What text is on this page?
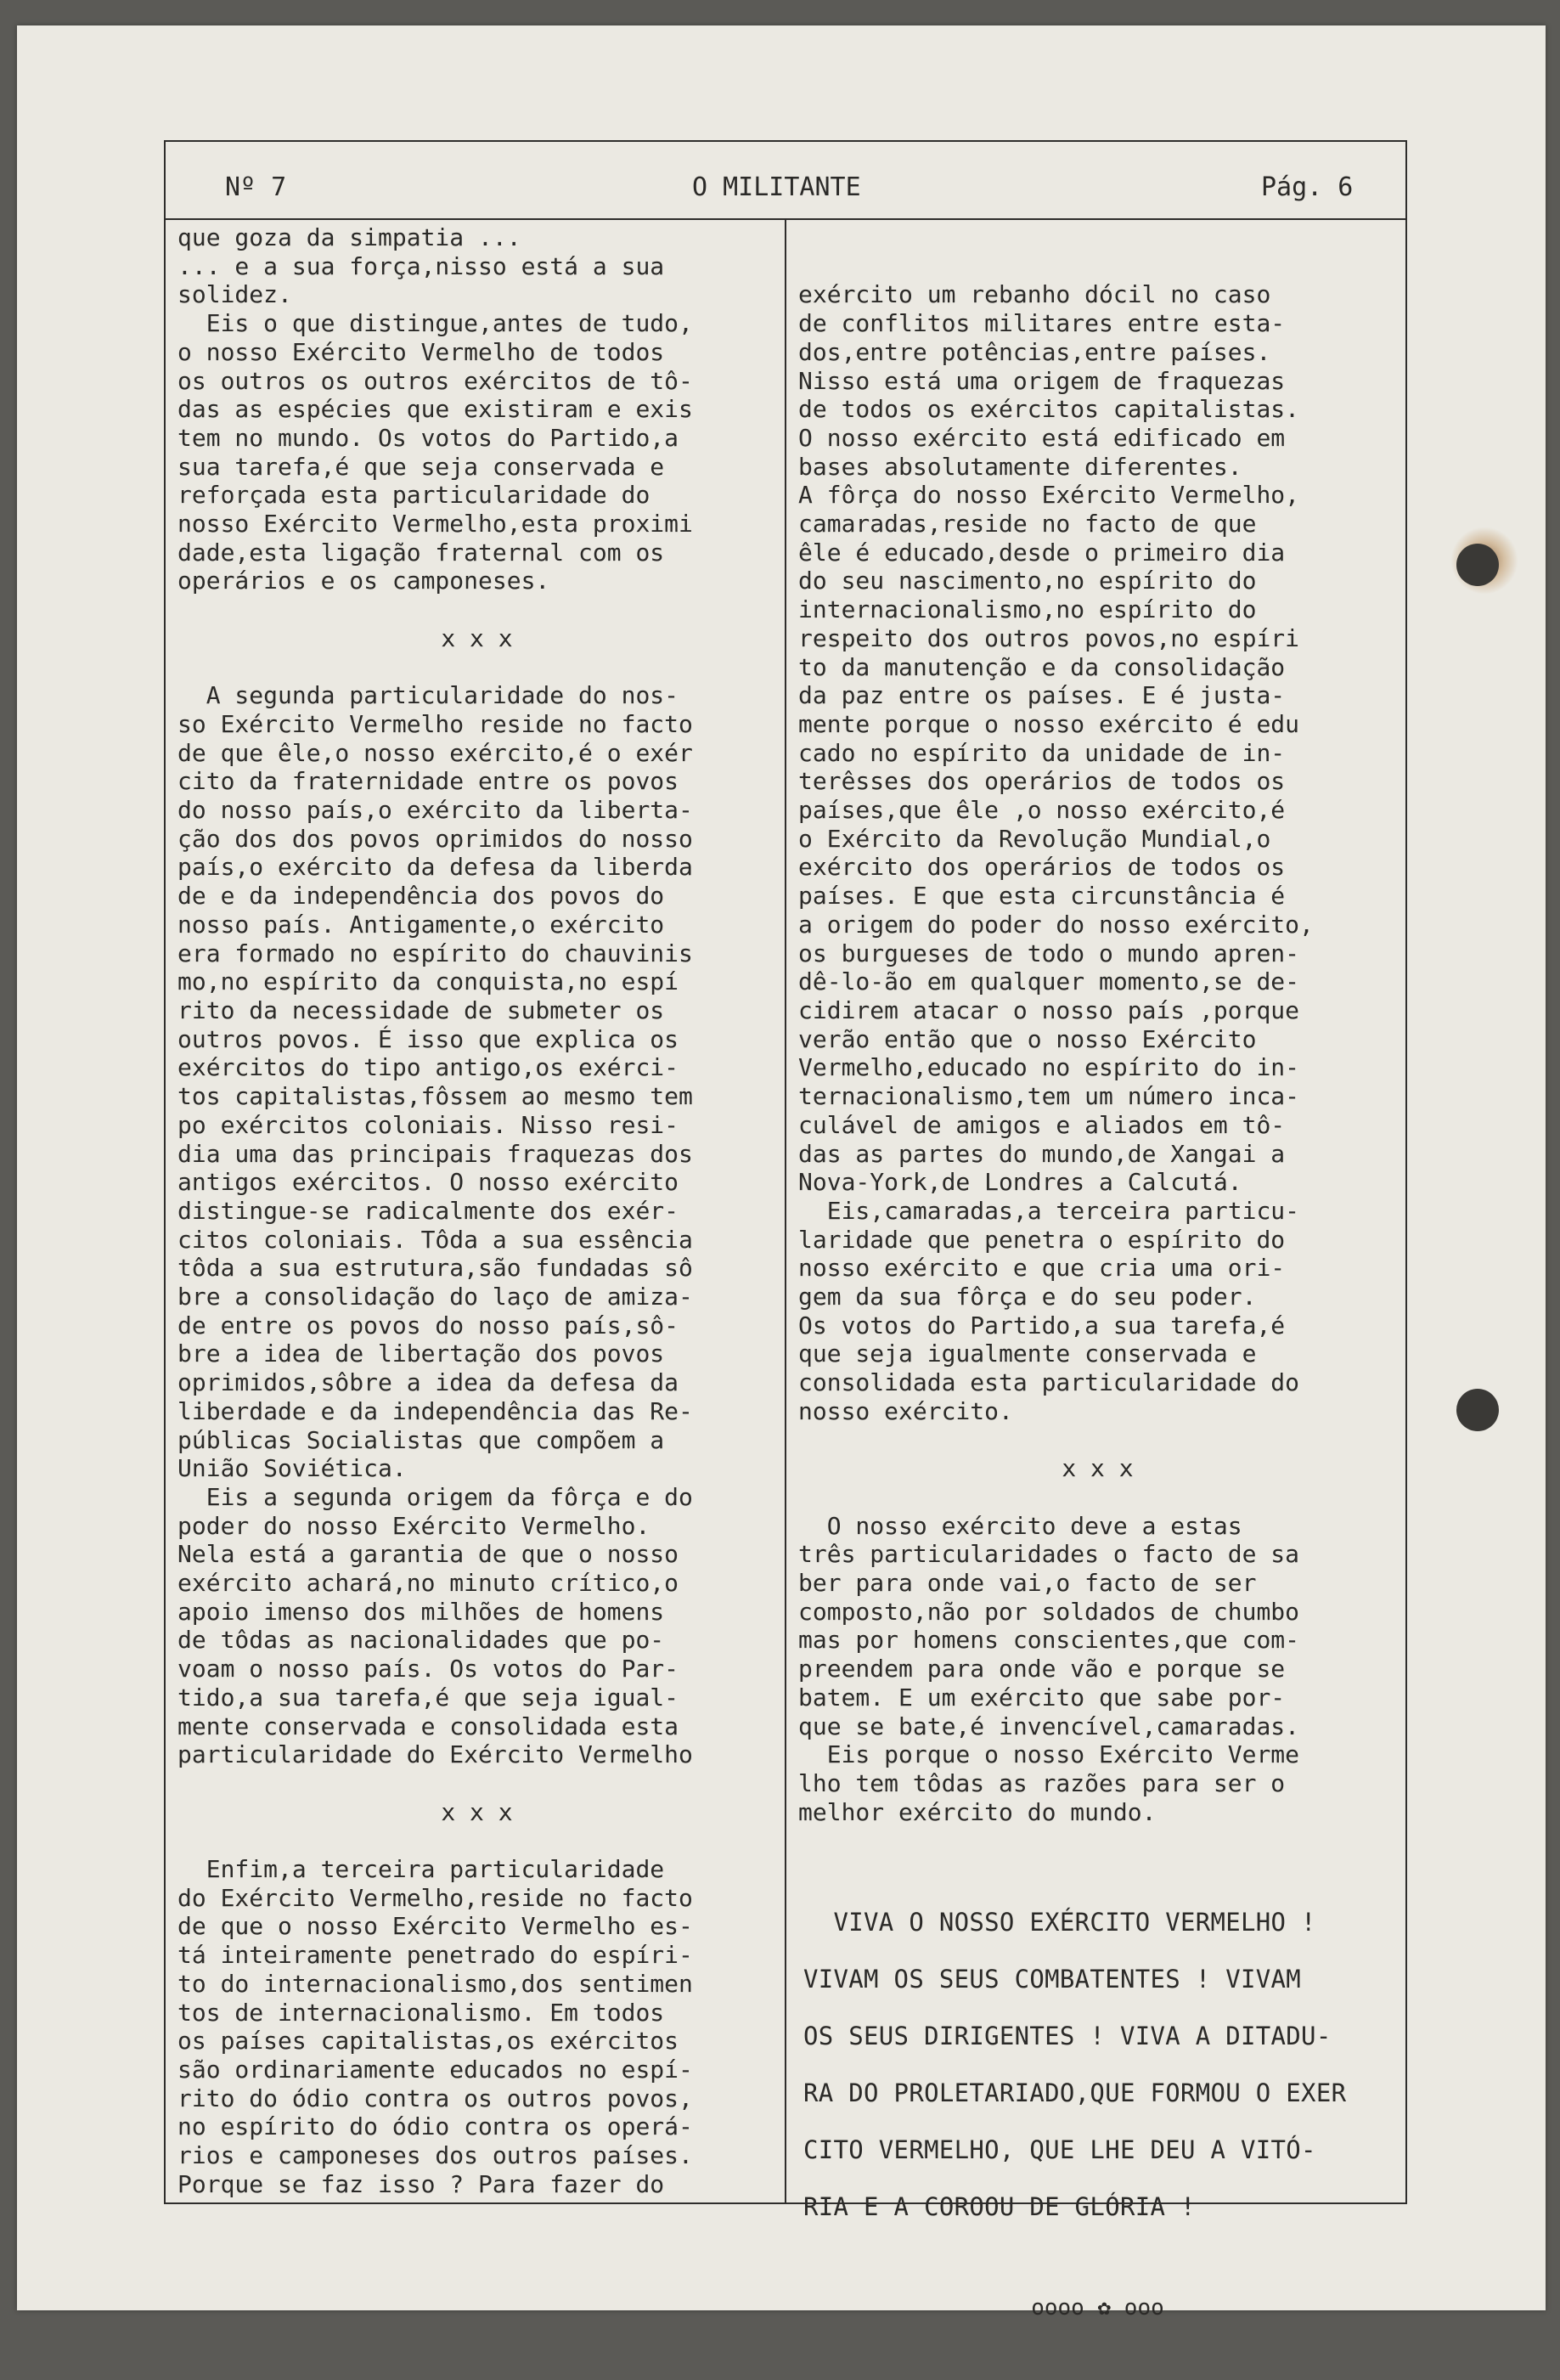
Nº 7	O MILITANTE	Pág. 6
que goza da simpatia ...
... e a sua força,nisso está a sua
solidez.
Eis o que distingue,antes de tudo,
o nosso Exército Vermelho de todos
os outros os outros exércitos de tô-
das as espécies que existiram e exis
tem no mundo. Os votos do Partido,a
sua tarefa,é que seja conservada e
reforçada esta particularidade do
nosso Exército Vermelho,esta proximi
dade,esta ligação fraternal com os
operários e os camponeses.

x x x

A segunda particularidade do nos-
so Exército Vermelho reside no facto
de que êle,o nosso exército,é o exér
cito da fraternidade entre os povos
do nosso país,o exército da liberta-
ção dos dos povos oprimidos do nosso
país,o exército da defesa da liberda
de e da independência dos povos do
nosso país. Antigamente,o exército
era formado no espírito do chauvinis
mo,no espírito da conquista,no espí
rito da necessidade de submeter os
outros povos. É isso que explica os
exércitos do tipo antigo,os exérci-
tos capitalistas,fôssem ao mesmo tem
po exércitos coloniais. Nisso resi-
dia uma das principais fraquezas dos
antigos exércitos. O nosso exército
distingue-se radicalmente dos exér-
citos coloniais. Tôda a sua essência
tôda a sua estrutura,são fundadas sô
bre a consolidação do laço de amiza-
de entre os povos do nosso país,sô-
bre a idea de libertação dos povos
oprimidos,sôbre a idea da defesa da
liberdade e da independência das Re-
públicas Socialistas que compõem a
União Soviética.
Eis a segunda origem da fôrça e do
poder do nosso Exército Vermelho.
Nela está a garantia de que o nosso
exército achará,no minuto crítico,o
apoio imenso dos milhões de homens
de tôdas as nacionalidades que po-
voam o nosso país. Os votos do Par-
tido,a sua tarefa,é que seja igual-
mente conservada e consolidada esta
particularidade do Exército Vermelho

x x x

Enfim,a terceira particularidade
do Exército Vermelho,reside no facto
de que o nosso Exército Vermelho es-
tá inteiramente penetrado do espíri-
to do internacionalismo,dos sentimen
tos de internacionalismo. Em todos
os países capitalistas,os exércitos
são ordinariamente educados no espí-
rito do ódio contra os outros povos,
no espírito do ódio contra os operá-
rios e camponeses dos outros países.
Porque se faz isso ? Para fazer do

exército um rebanho dócil no caso
de conflitos militares entre esta-
dos,entre potências,entre países.
Nisso está uma origem de fraquezas
de todos os exércitos capitalistas.
O nosso exército está edificado em
bases absolutamente diferentes.
A fôrça do nosso Exército Vermelho,
camaradas,reside no facto de que
êle é educado,desde o primeiro dia
do seu nascimento,no espírito do
internacionalismo,no espírito do
respeito dos outros povos,no espíri
to da manutenção e da consolidação
da paz entre os países. E é justa-
mente porque o nosso exército é edu
cado no espírito da unidade de in-
terêsses dos operários de todos os
países,que êle ,o nosso exército,é
o Exército da Revolução Mundial,o
exército dos operários de todos os
países. E que esta circunstância é
a origem do poder do nosso exército,
os burgueses de todo o mundo apren-
dê-lo-ão em qualquer momento,se de-
cidirem atacar o nosso país ,porque
verão então que o nosso Exército
Vermelho,educado no espírito do in-
ternacionalismo,tem um número inca-
culável de amigos e aliados em tô-
das as partes do mundo,de Xangai a
Nova-York,de Londres a Calcutá.
Eis,camaradas,a terceira particu-
laridade que penetra o espírito do
nosso exército e que cria uma ori-
gem da sua fôrça e do seu poder.
Os votos do Partido,a sua tarefa,é
que seja igualmente conservada e
consolidada esta particularidade do
nosso exército.

x x x

O nosso exército deve a estas
três particularidades o facto de sa
ber para onde vai,o facto de ser
composto,não por soldados de chumbo
mas por homens conscientes,que com-
preendem para onde vão e porque se
batem. E um exército que sabe por-
que se bate,é invencível,camaradas.
Eis porque o nosso Exército Verme
lho tem tôdas as razões para ser o
melhor exército do mundo.

VIVA O NOSSO EXÉRCITO VERMELHO !
VIVAM OS SEUS COMBATENTES ! VIVAM
OS SEUS DIRIGENTES ! VIVA A DITADU-
RA DO PROLETARIADO,QUE FORMOU O EXER
CITO VERMELHO, QUE LHE DEU A VITÓ-
RIA E A COROOU DE GLÓRIA !

oooo ✿ ooo
